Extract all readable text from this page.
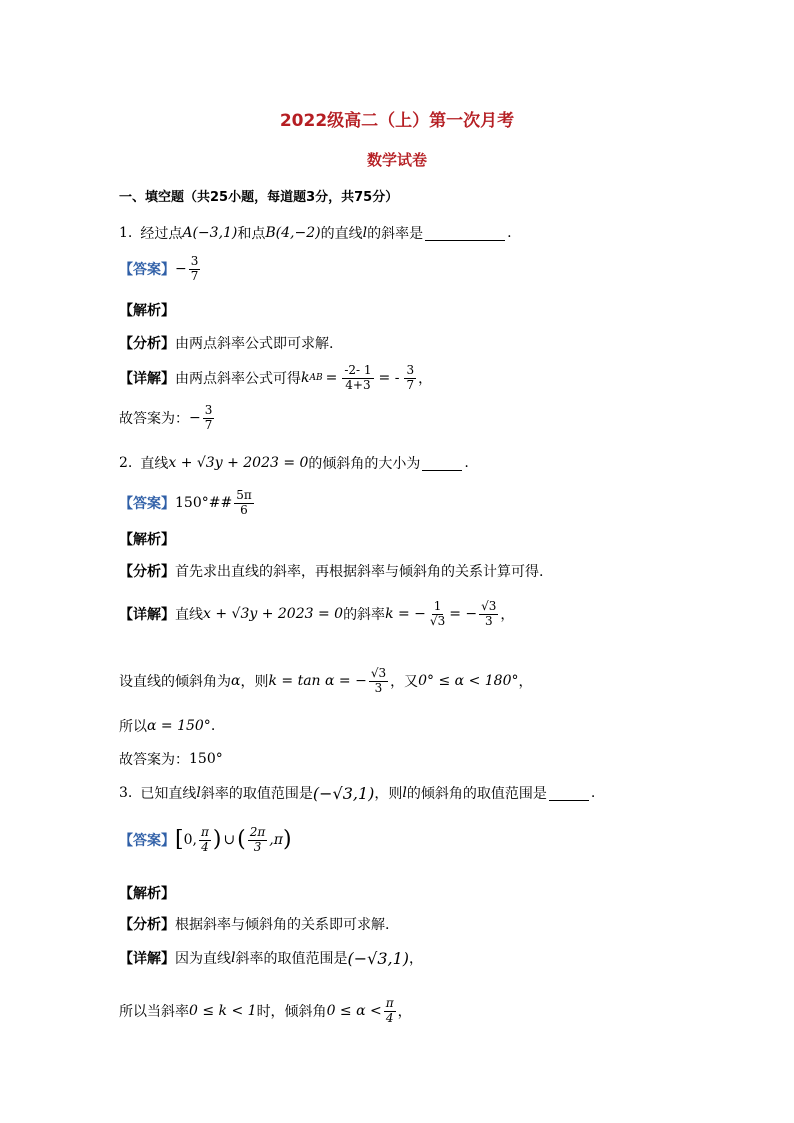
2022级高二（上）第一次月考
数学试卷
一、填空题（共25小题，每道题3分，共75分）
1. 经过点 A(−3,1) 和点 B(4,−2) 的直线 l 的斜率是	.
【答案】 − $\frac{3}{7}$
【解析】
【分析】 由两点斜率公式即可求解.
【详解】 由两点斜率公式可得 k AB = $\frac{-2- 1}{4+3}$ = - $\frac{3}{7}$ ，
故答案为： − $\frac{3}{7}$
2. 直线 x + √3y + 2023 = 0 的倾斜角的大小为	.
【答案】 150°## $\frac{5\pi}{6}$
【解析】
【分析】 首先求出直线的斜率，再根据斜率与倾斜角的关系计算可得.
【详解】 直线 x + √3y + 2023 = 0 的斜率 k = − $\frac{1}{√3}$ = − $\frac{√3}{3}$ ，
设直线的倾斜角为 α ，则 k = tan α = − $\frac{√3}{3}$ ，又 0° ≤ α < 180° ，
所以 α = 150° .
故答案为： 150°
3. 已知直线 l 斜率的取值范围是 (−√3,1) ，则 l 的倾斜角的取值范围是	.
【答案】 [ 0, $\frac{\pi}{4}$ ) ∪ ( $\frac{2\pi}{3} ,\pi$ )
【解析】
【分析】 根据斜率与倾斜角的关系即可求解.
【详解】 因为直线 l 斜率的取值范围是 (−√3,1) ，
所以当斜率 0 ≤ k < 1 时，倾斜角 $0 \le \alpha < \frac{\pi}{4}$ ，
